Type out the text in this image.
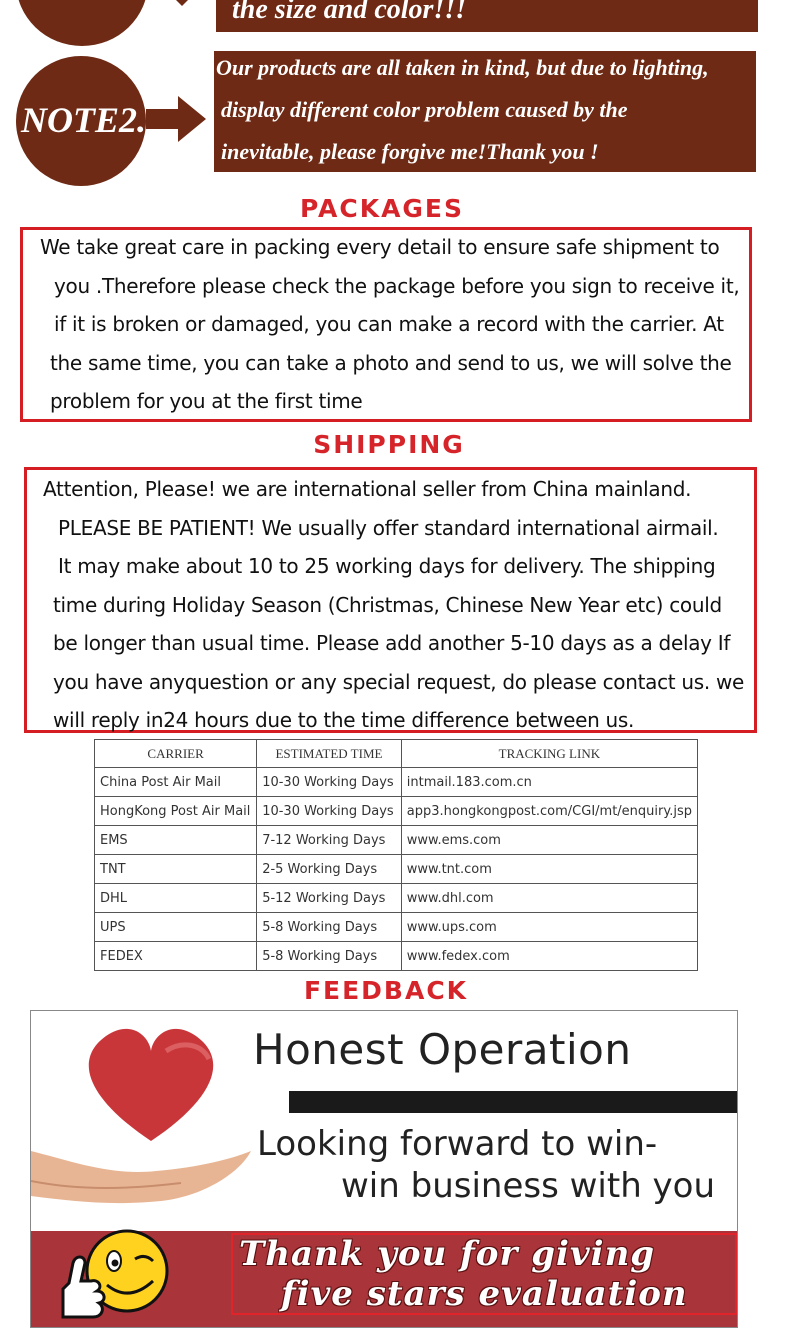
the size and color!!!
NOTE2.
Our products are all taken in kind, but due to lighting,
display different color problem caused by the
inevitable, please forgive me!Thank you !
PACKAGES
We take great care in packing every detail to ensure safe shipment to
you .Therefore please check the package before you sign to receive it,
if it is broken or damaged, you can make a record with the carrier. At
the same time, you can take a photo and send to us, we will solve the
problem for you at the first time
SHIPPING
Attention, Please! we are international seller from China mainland.
PLEASE BE PATIENT! We usually offer standard international airmail.
It may make about 10 to 25 working days for delivery. The shipping
time during Holiday Season (Christmas, Chinese New Year etc) could
be longer than usual time. Please add another 5-10 days as a delay If
you have anyquestion or any special request, do please contact us. we
will reply in24 hours due to the time difference between us.
CARRIER	ESTIMATED TIME	TRACKING LINK
China Post Air Mail	10-30 Working Days	intmail.183.com.cn
HongKong Post Air Mail	10-30 Working Days	app3.hongkongpost.com/CGI/mt/enquiry.jsp
EMS	7-12 Working Days	www.ems.com
TNT	2-5 Working Days	www.tnt.com
DHL	5-12 Working Days	www.dhl.com
UPS	5-8 Working Days	www.ups.com
FEDEX	5-8 Working Days	www.fedex.com
FEEDBACK
Honest Operation
Looking forward to win-
win business with you
Thank you for giving
five stars evaluation
